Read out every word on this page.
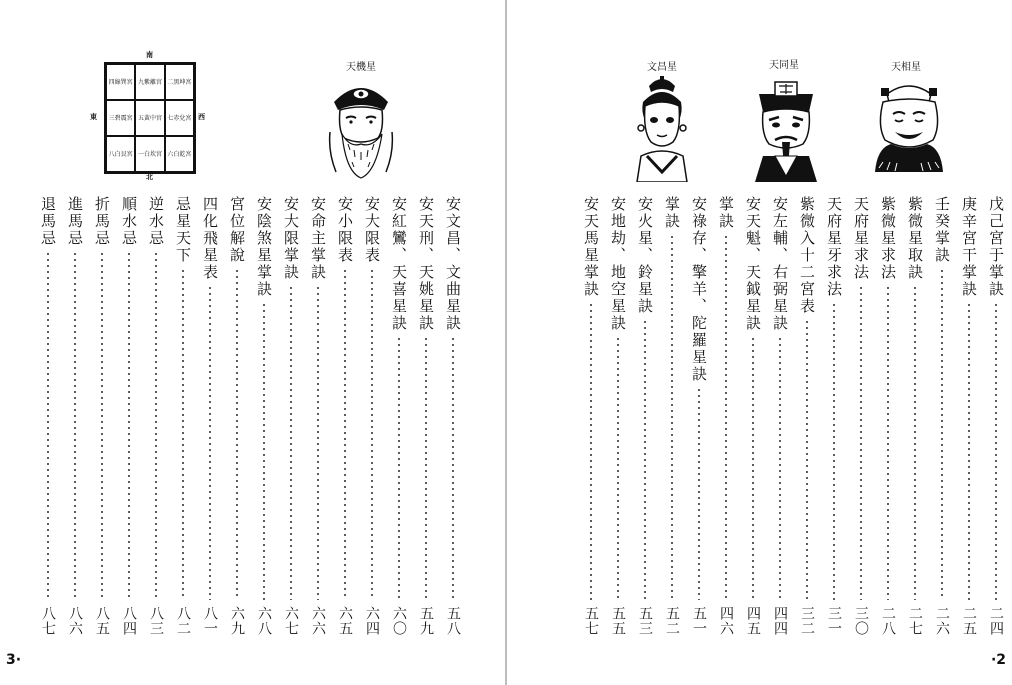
南
北
東	西
四綠巽宮 九紫離宮 二黑坤宮
三碧震宮 五黃中宮 七赤兌宮
八白艮宮 一白坎宮 六白乾宮
天機星
安文昌、文曲星訣
五八
安天刑、天姚星訣
五九
安紅鸞、天喜星訣
六〇
安大限表
六四
安小限表
六五
安命主掌訣
六六
安大限掌訣
六七
安陰煞星掌訣
六八
宮位解說
六九
四化飛星表
八一
忌星天下
八二
逆水忌
八三
順水忌
八四
折馬忌
八五
進馬忌
八六
退馬忌
八七
3·
文昌星	天同星	天相星
戊己宮于掌訣
二四
庚辛宮干掌訣
二五
壬癸掌訣
二六
紫微星取訣
二七
紫微星求法
二八
天府星求法
三〇
天府星牙求法
三一
紫微入十二宮表
三二
安左輔、右弼星訣
四四
安天魁、天鉞星訣
四五
掌訣
四六
安祿存、擎羊、陀羅星訣
五一
掌訣
五二
安火星、鈴星訣
五三
安地劫、地空星訣
五五
安天馬星掌訣
五七
·2
